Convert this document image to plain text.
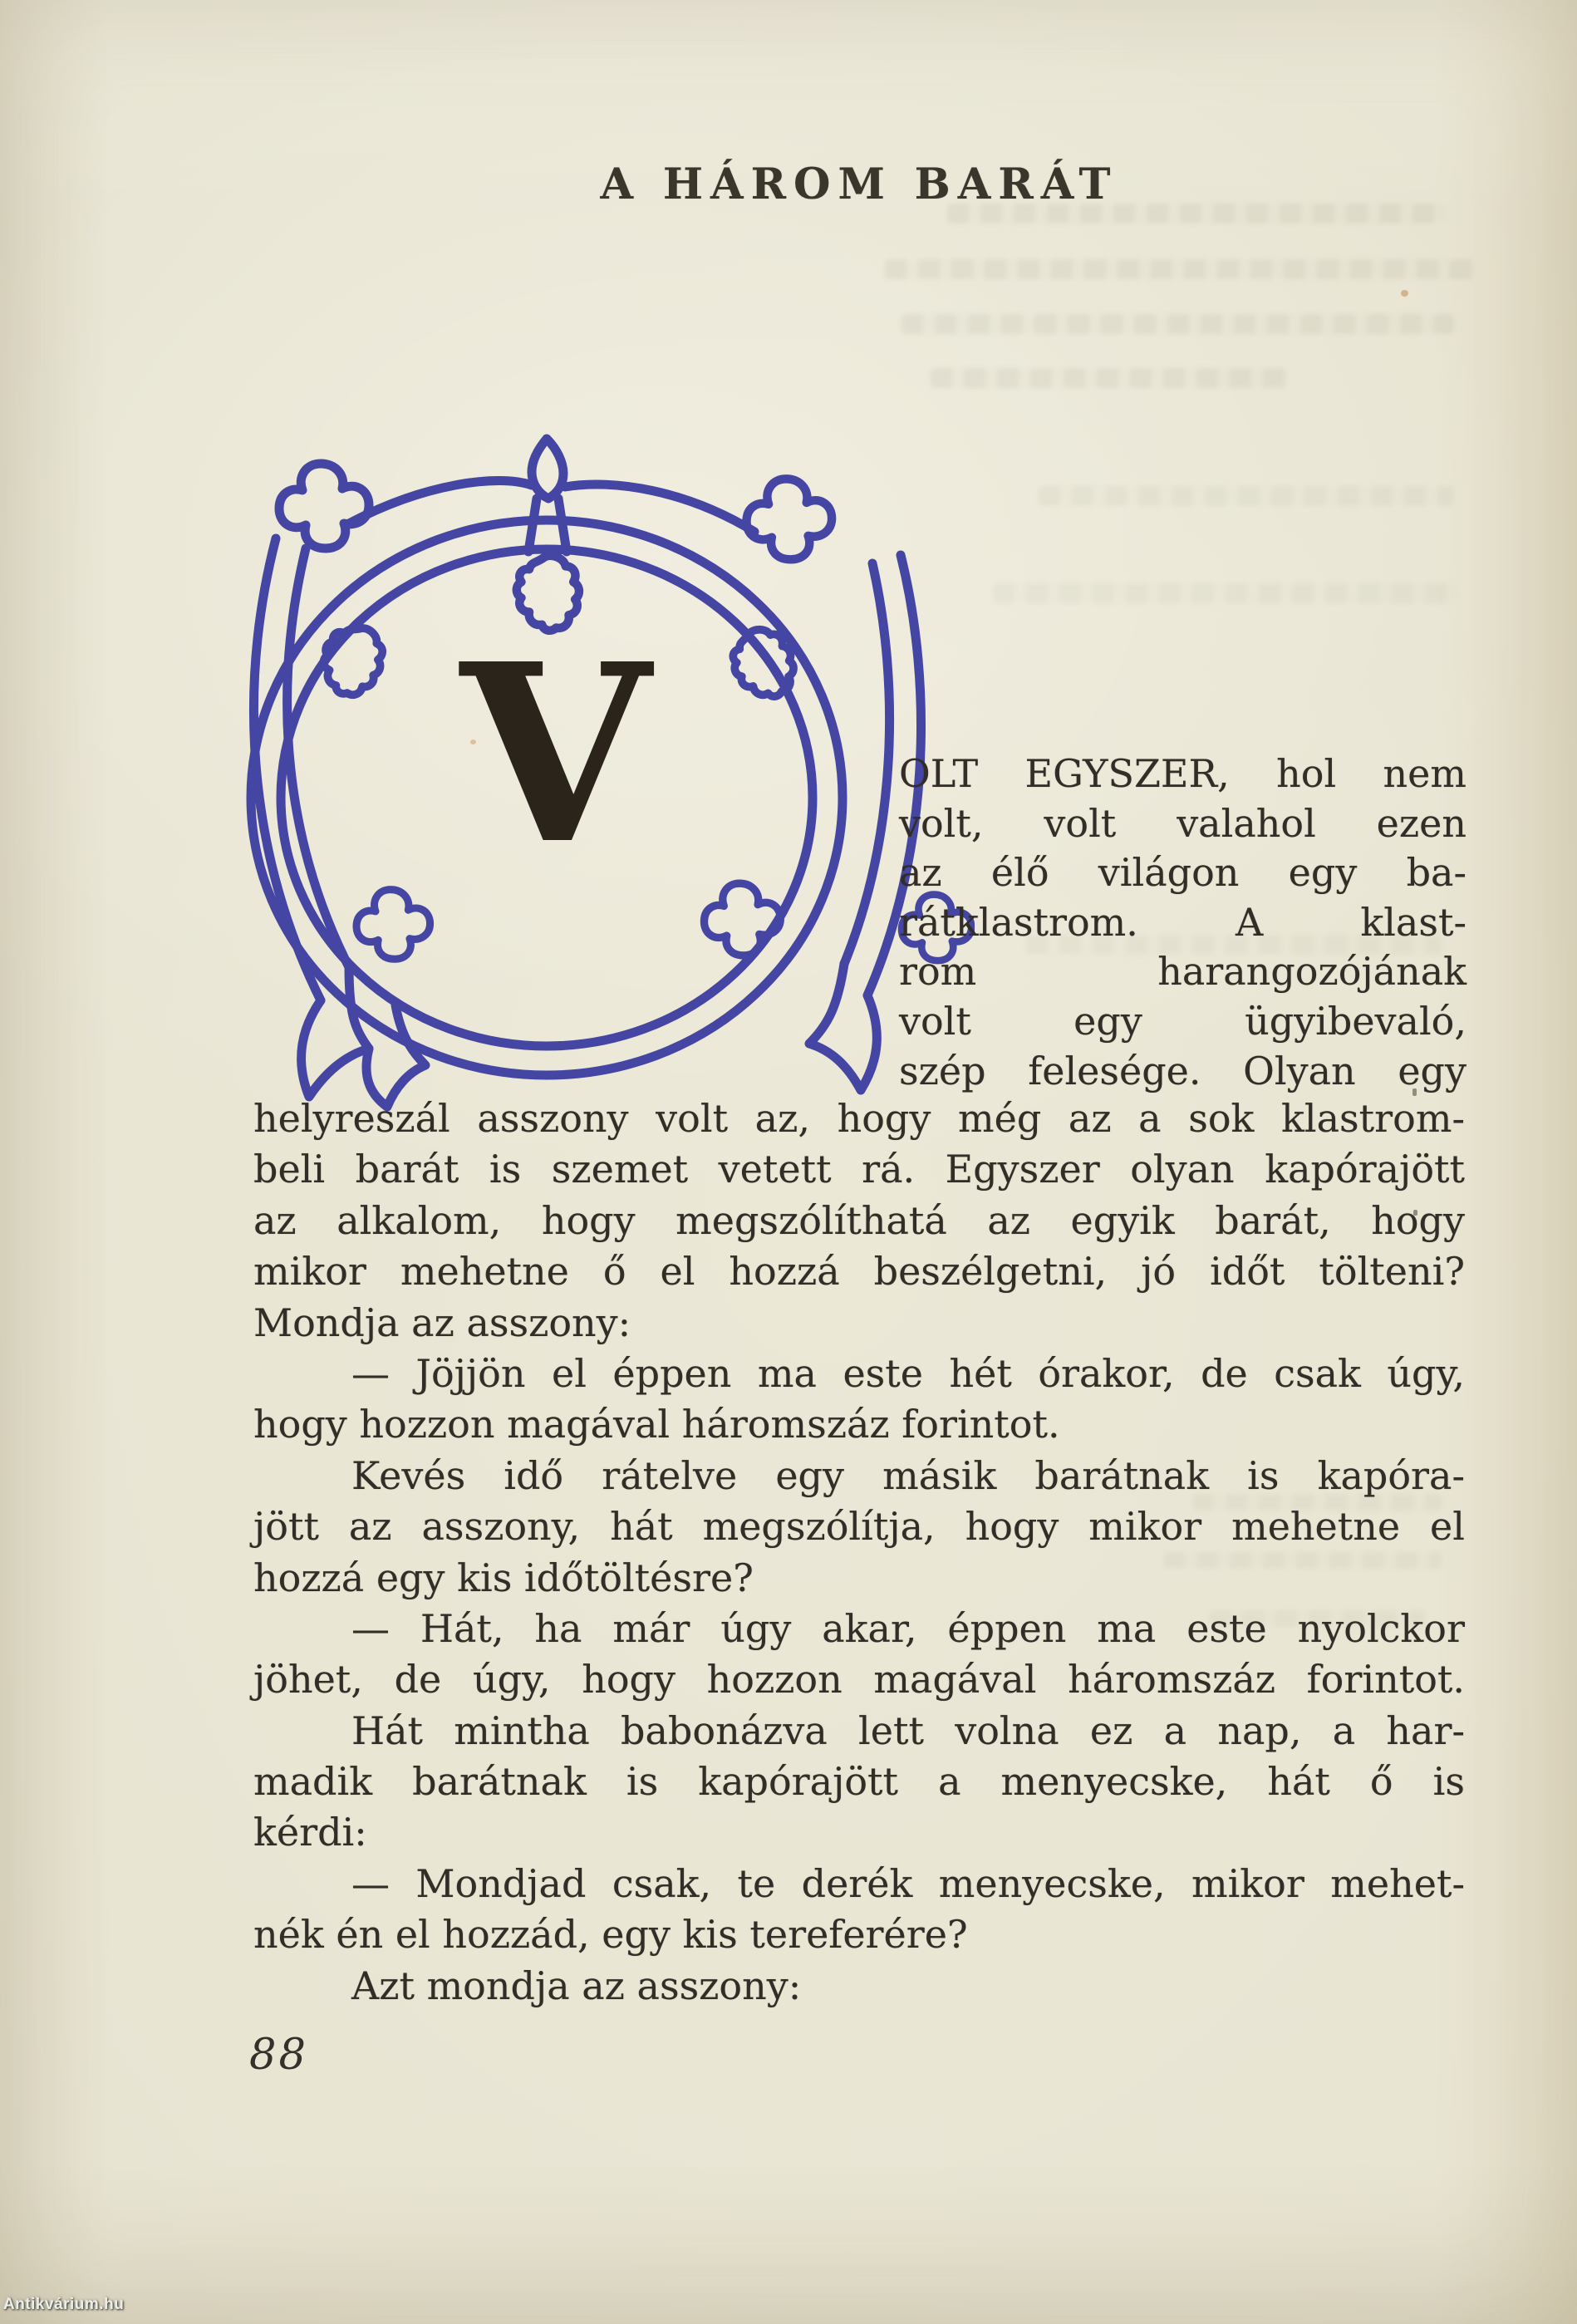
A HÁROM BARÁT
V	OLT EGYSZER, hol nem
volt, volt valahol ezen
az élő világon egy ba-
rátklastrom. A klast-
rom harangozójának
volt egy ügyibevaló,
szép felesége. Olyan egy
helyreszál asszony volt az, hogy még az a sok klastrom-
beli barát is szemet vetett rá. Egyszer olyan kapórajött
az alkalom, hogy megszólíthatá az egyik barát, hogy
mikor mehetne ő el hozzá beszélgetni, jó időt tölteni?
Mondja az asszony:
— Jöjjön el éppen ma este hét órakor, de csak úgy,
hogy hozzon magával háromszáz forintot.
Kevés idő rátelve egy másik barátnak is kapóra-
jött az asszony, hát megszólítja, hogy mikor mehetne el
hozzá egy kis időtöltésre?
— Hát, ha már úgy akar, éppen ma este nyolckor
jöhet, de úgy, hogy hozzon magával háromszáz forintot.
Hát mintha babonázva lett volna ez a nap, a har-
madik barátnak is kapórajött a menyecske, hát ő is
kérdi:
— Mondjad csak, te derék menyecske, mikor mehet-
nék én el hozzád, egy kis tereferére?
Azt mondja az asszony:
88
Antikvárium.hu
